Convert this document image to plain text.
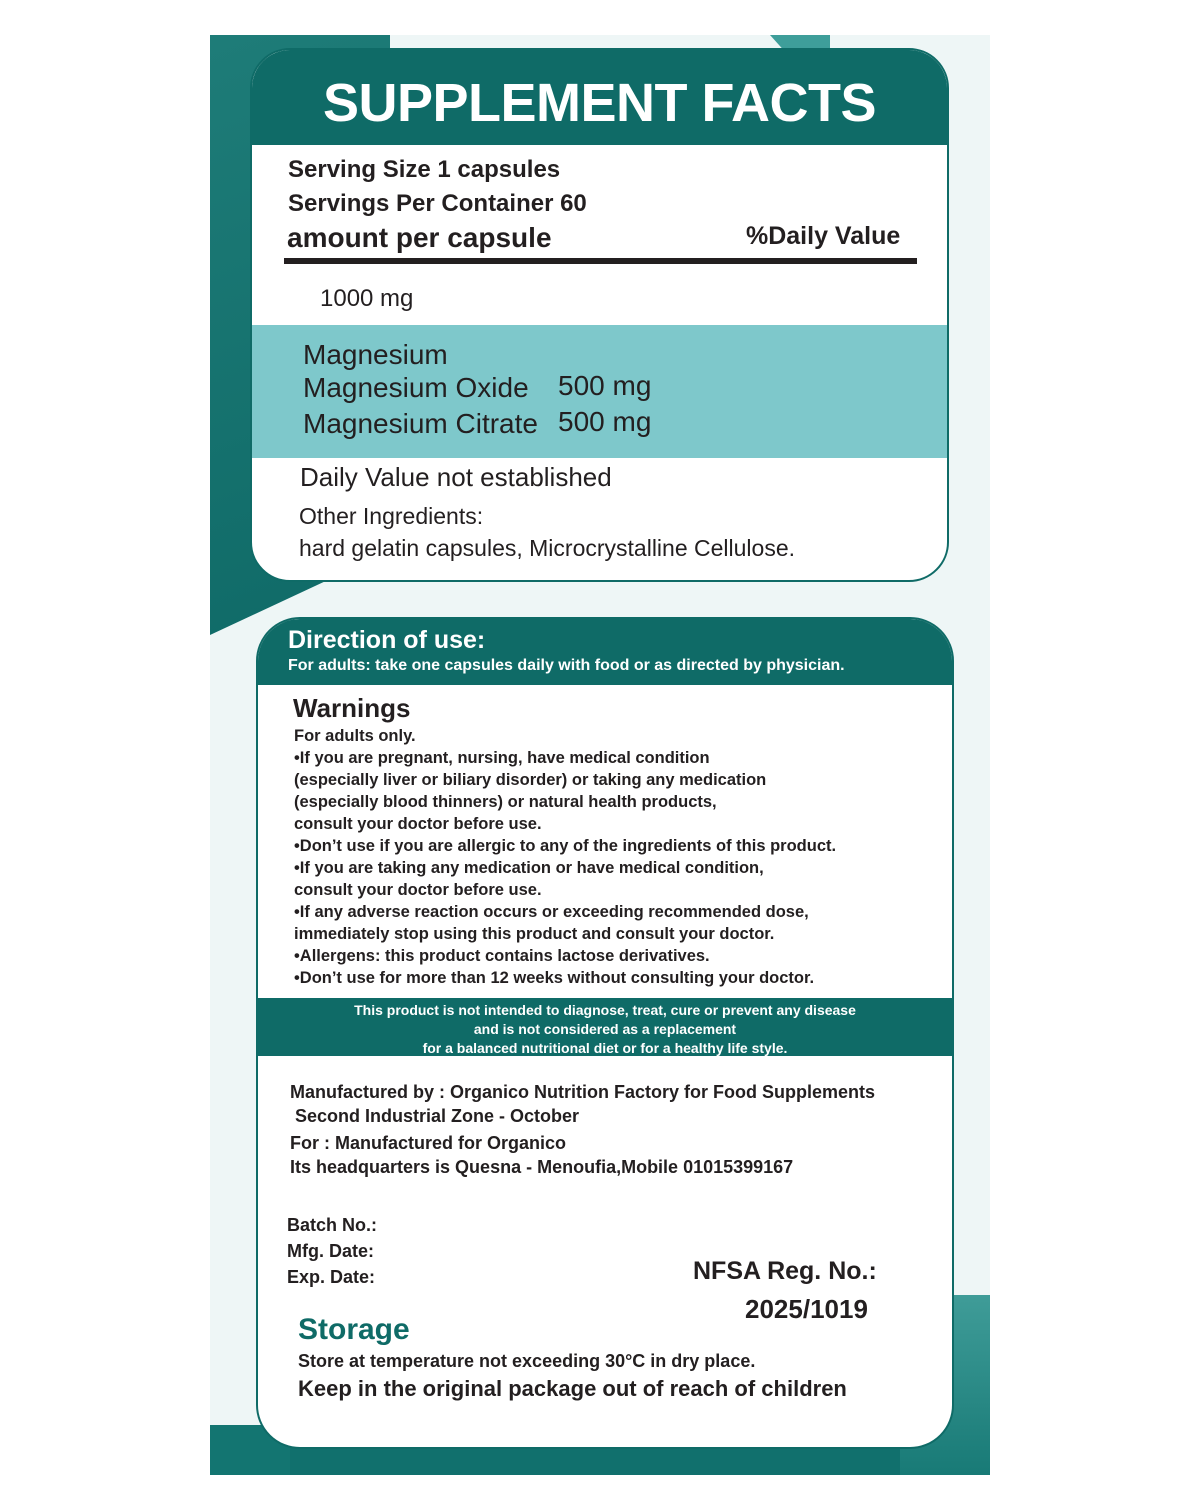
SUPPLEMENT FACTS
Serving Size 1 capsules
Servings Per Container 60
amount per capsule	%Daily Value
1000 mg
Magnesium
Magnesium Oxide 500 mg
Magnesium Citrate 500 mg
Daily Value not established
Other Ingredients:
hard gelatin capsules, Microcrystalline Cellulose.
Direction of use:
For adults: take one capsules daily with food or as directed by physician.
Warnings
For adults only.
•If you are pregnant, nursing, have medical condition
(especially liver or biliary disorder) or taking any medication
(especially blood thinners) or natural health products,
consult your doctor before use.
•Don’t use if you are allergic to any of the ingredients of this product.
•If you are taking any medication or have medical condition,
consult your doctor before use.
•If any adverse reaction occurs or exceeding recommended dose,
immediately stop using this product and consult your doctor.
•Allergens: this product contains lactose derivatives.
•Don’t use for more than 12 weeks without consulting your doctor.
This product is not intended to diagnose, treat, cure or prevent any disease
and is not considered as a replacement
for a balanced nutritional diet or for a healthy life style.
Manufactured by : Organico Nutrition Factory for Food Supplements
Second Industrial Zone - October
For : Manufactured for Organico
Its headquarters is Quesna - Menoufia,Mobile 01015399167
Batch No.:
Mfg. Date:
Exp. Date:	NFSA Reg. No.:
2025/1019
Storage
Store at temperature not exceeding 30°C in dry place.
Keep in the original package out of reach of children
